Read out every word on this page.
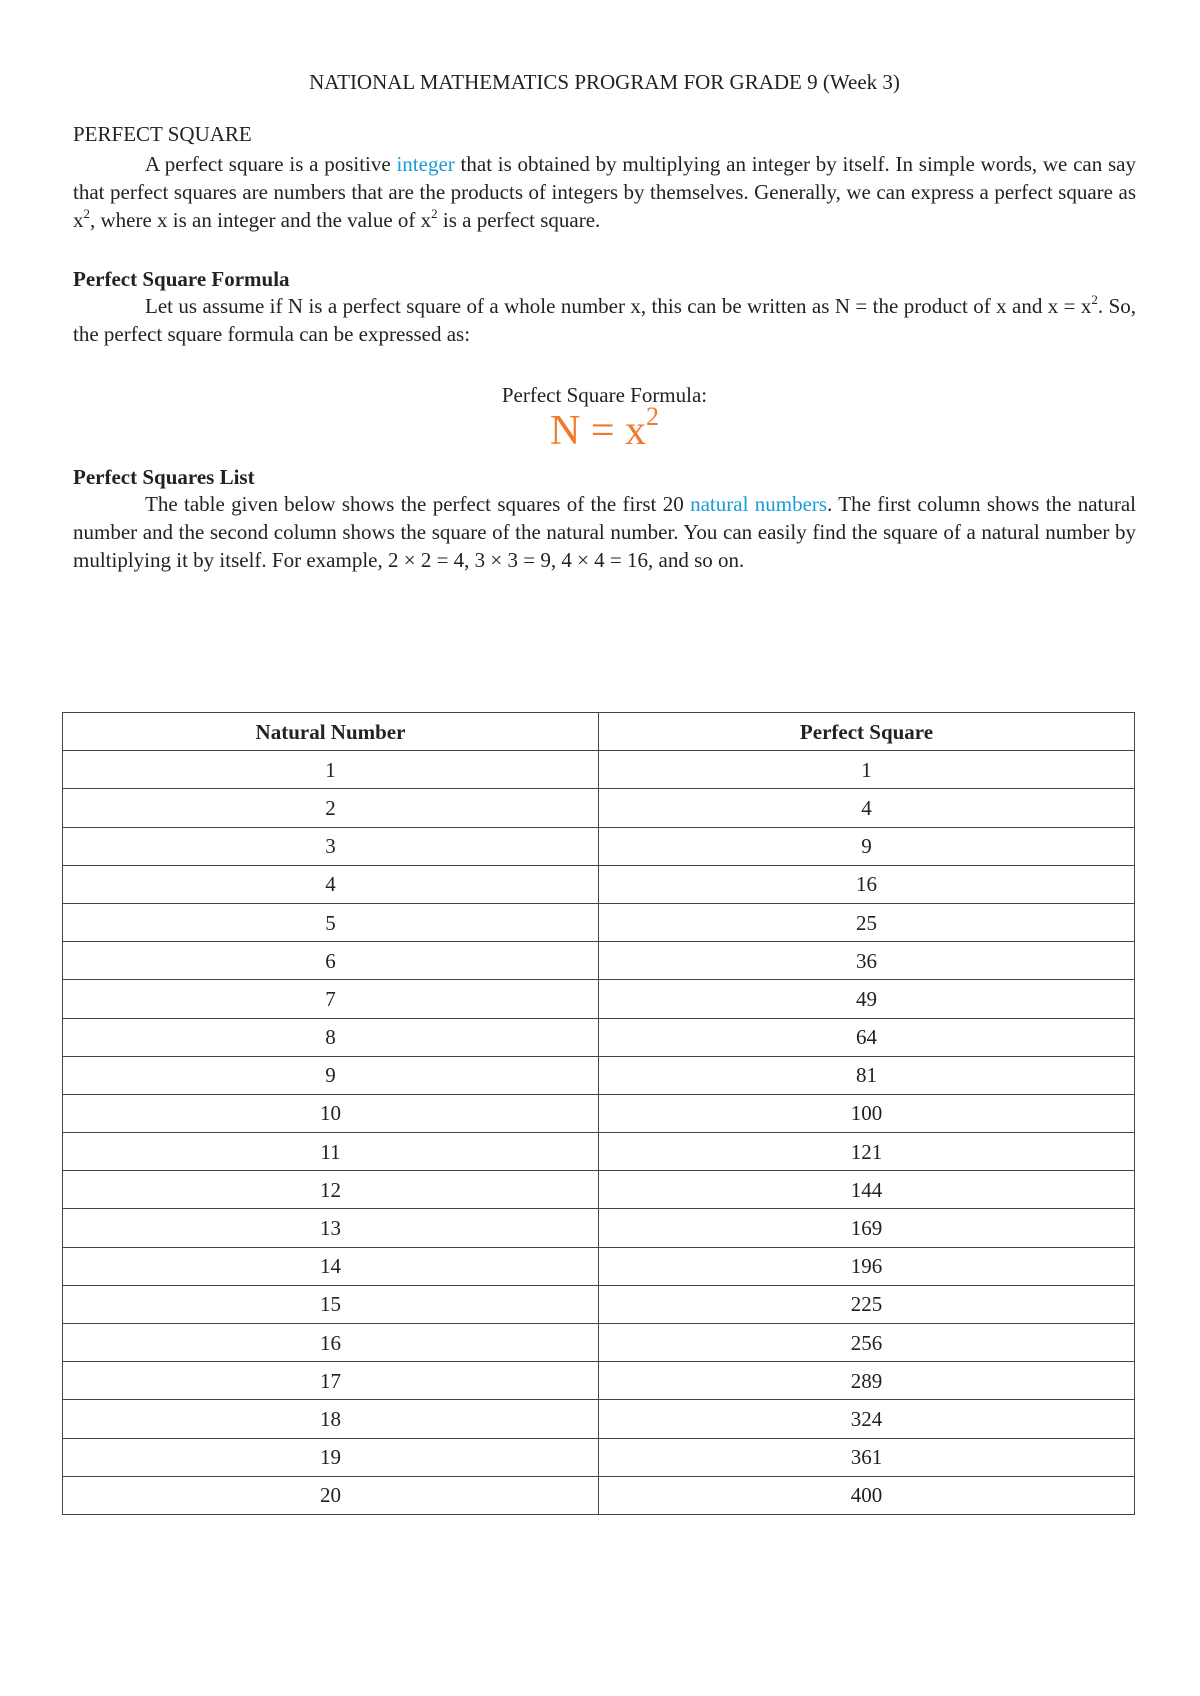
NATIONAL MATHEMATICS PROGRAM FOR GRADE 9 (Week 3)
PERFECT SQUARE

A perfect square is a positive integer that is obtained by multiplying an integer by itself. In simple words, we can say that perfect squares are numbers that are the products of integers by themselves. Generally, we can express a perfect square as $x^2$, where x is an integer and the value of $x^2$ is a perfect square.

Perfect Square Formula

Let us assume if N is a perfect square of a whole number x, this can be written as N = the product of x and $x = x^2$. So, the perfect square formula can be expressed as:

Perfect Square Formula:
$N = x^2$
Perfect Squares List

The table given below shows the perfect squares of the first 20 natural numbers. The first column shows the natural number and the second column shows the square of the natural number. You can easily find the square of a natural number by multiplying it by itself. For example, 2 × 2 = 4, 3 × 3 = 9, 4 × 4 = 16, and so on.

Natural Number	Perfect Square
1	1
2	4
3	9
4	16
5	25
6	36
7	49
8	64
9	81
10	100
11	121
12	144
13	169
14	196
15	225
16	256
17	289
18	324
19	361
20	400
